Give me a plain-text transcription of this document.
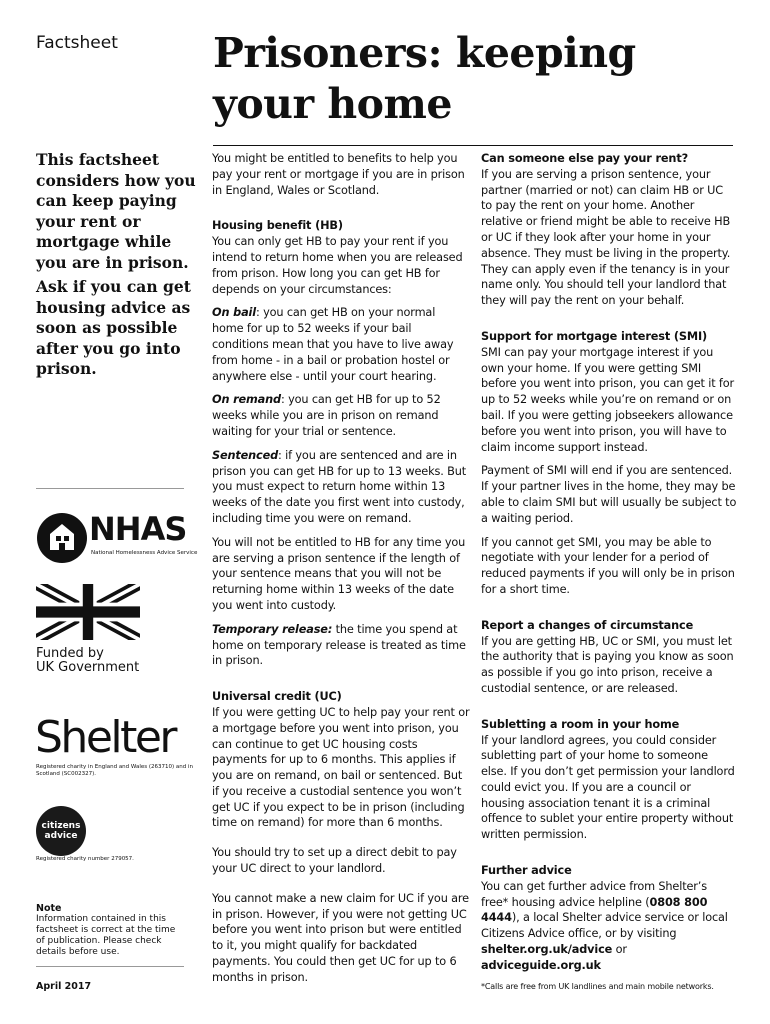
Factsheet Prisoners: keeping
your home
This factsheet considers how you can keep paying your rent or mortgage while you are in prison.
Ask if you can get housing advice as soon as possible after you go into prison.
NHAS
National Homelessness Advice Service
Funded by
UK Government
Shelter
Registered charity in England and Wales (263710) and in Scotland (SC002327).
citizens
advice
Registered charity number 279057.
Note
Information contained in this factsheet is correct at the time of publication. Please check details before use.
April 2017

You might be entitled to benefits to help you pay your rent or mortgage if you are in prison in England, Wales or Scotland.

Housing benefit (HB)

You can only get HB to pay your rent if you intend to return home when you are released from prison. How long you can get HB for depends on your circumstances:

On bail: you can get HB on your normal home for up to 52 weeks if your bail conditions mean that you have to live away from home - in a bail or probation hostel or anywhere else - until your court hearing.

On remand: you can get HB for up to 52 weeks while you are in prison on remand waiting for your trial or sentence.

Sentenced: if you are sentenced and are in prison you can get HB for up to 13 weeks. But you must expect to return home within 13 weeks of the date you first went into custody, including time you were on remand.

You will not be entitled to HB for any time you are serving a prison sentence if the length of your sentence means that you will not be returning home within 13 weeks of the date you went into custody.

Temporary release: the time you spend at home on temporary release is treated as time in prison.

Universal credit (UC)

If you were getting UC to help pay your rent or a mortgage before you went into prison, you can continue to get UC housing costs payments for up to 6 months. This applies if you are on remand, on bail or sentenced. But if you receive a custodial sentence you won’t get UC if you expect to be in prison (including time on remand) for more than 6 months.

You should try to set up a direct debit to pay your UC direct to your landlord.

You cannot make a new claim for UC if you are in prison. However, if you were not getting UC before you went into prison but were entitled to it, you might qualify for backdated payments. You could then get UC for up to 6 months in prison.

Can someone else pay your rent?

If you are serving a prison sentence, your partner (married or not) can claim HB or UC to pay the rent on your home. Another relative or friend might be able to receive HB or UC if they look after your home in your absence. They must be living in the property. They can apply even if the tenancy is in your name only. You should tell your landlord that they will pay the rent on your behalf.

Support for mortgage interest (SMI)

SMI can pay your mortgage interest if you own your home. If you were getting SMI before you went into prison, you can get it for up to 52 weeks while you’re on remand or on bail. If you were getting jobseekers allowance before you went into prison, you will have to claim income support instead.

Payment of SMI will end if you are sentenced. If your partner lives in the home, they may be able to claim SMI but will usually be subject to a waiting period.

If you cannot get SMI, you may be able to negotiate with your lender for a period of reduced payments if you will only be in prison for a short time.

Report a changes of circumstance

If you are getting HB, UC or SMI, you must let the authority that is paying you know as soon as possible if you go into prison, receive a custodial sentence, or are released.

Subletting a room in your home

If your landlord agrees, you could consider subletting part of your home to someone else. If you don’t get permission your landlord could evict you. If you are a council or housing association tenant it is a criminal offence to sublet your entire property without written permission.

Further advice

You can get further advice from Shelter’s free* housing advice helpline (0808 800 4444), a local Shelter advice service or local Citizens Advice office, or by visiting shelter.org.uk/advice or adviceguide.org.uk

*Calls are free from UK landlines and main mobile networks.
